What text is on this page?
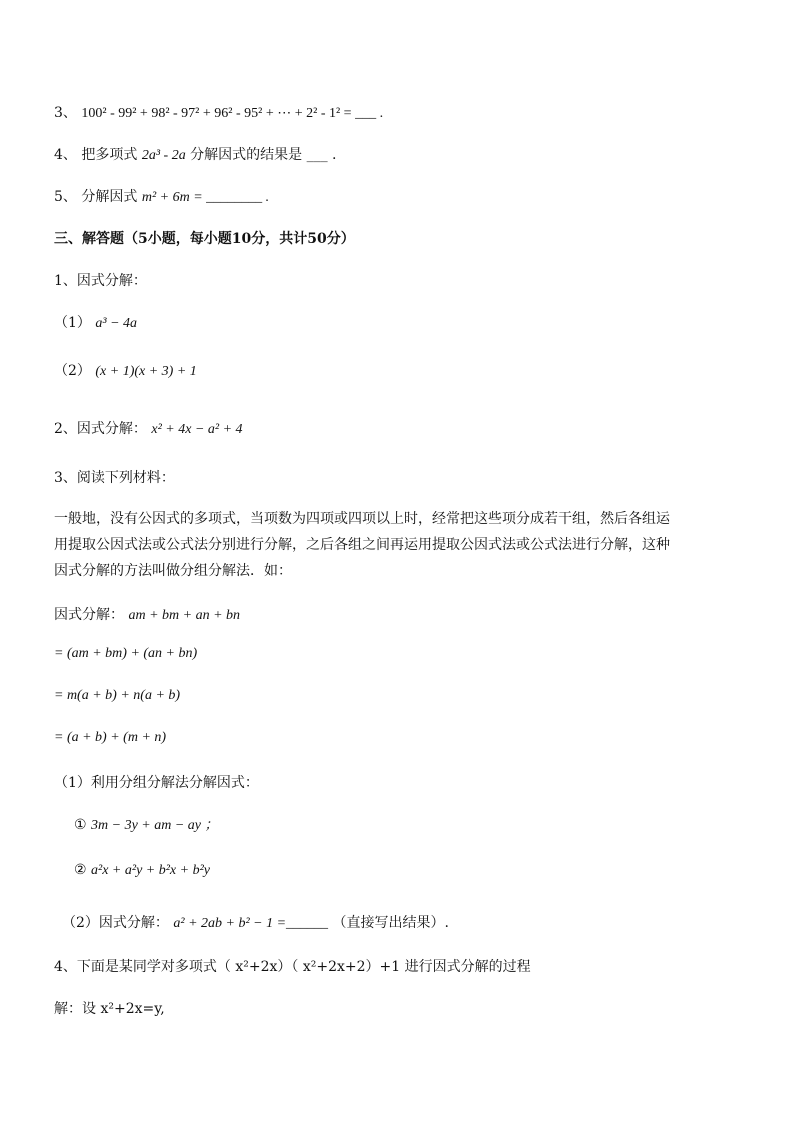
3、 100² - 99² + 98² - 97² + 96² - 95² + ⋯ + 2² - 1² = ___ .
4、 把多项式 2a³ - 2a 分解因式的结果是 ___ .
5、 分解因式 m² + 6m = ________ .
三、解答题（5小题，每小题10分，共计50分）
1、因式分解：
（1） a³ − 4a
（2） (x + 1)(x + 3) + 1
2、因式分解： x² + 4x − a² + 4
3、阅读下列材料：
一般地，没有公因式的多项式，当项数为四项或四项以上时，经常把这些项分成若干组，然后各组运
用提取公因式法或公式法分别进行分解，之后各组之间再运用提取公因式法或公式法进行分解，这种
因式分解的方法叫做分组分解法．如：
因式分解： am + bm + an + bn
= (am + bm) + (an + bn)
= m(a + b) + n(a + b)
= (a + b) + (m + n)
（1）利用分组分解法分解因式：
① 3m − 3y + am − ay ；
② a²x + a²y + b²x + b²y
（2）因式分解： a² + 2ab + b² − 1 =______ （直接写出结果）.
4、下面是某同学对多项式（ x²+2x）（ x²+2x+2）+1 进行因式分解的过程
解：设 x²+2x=y,
